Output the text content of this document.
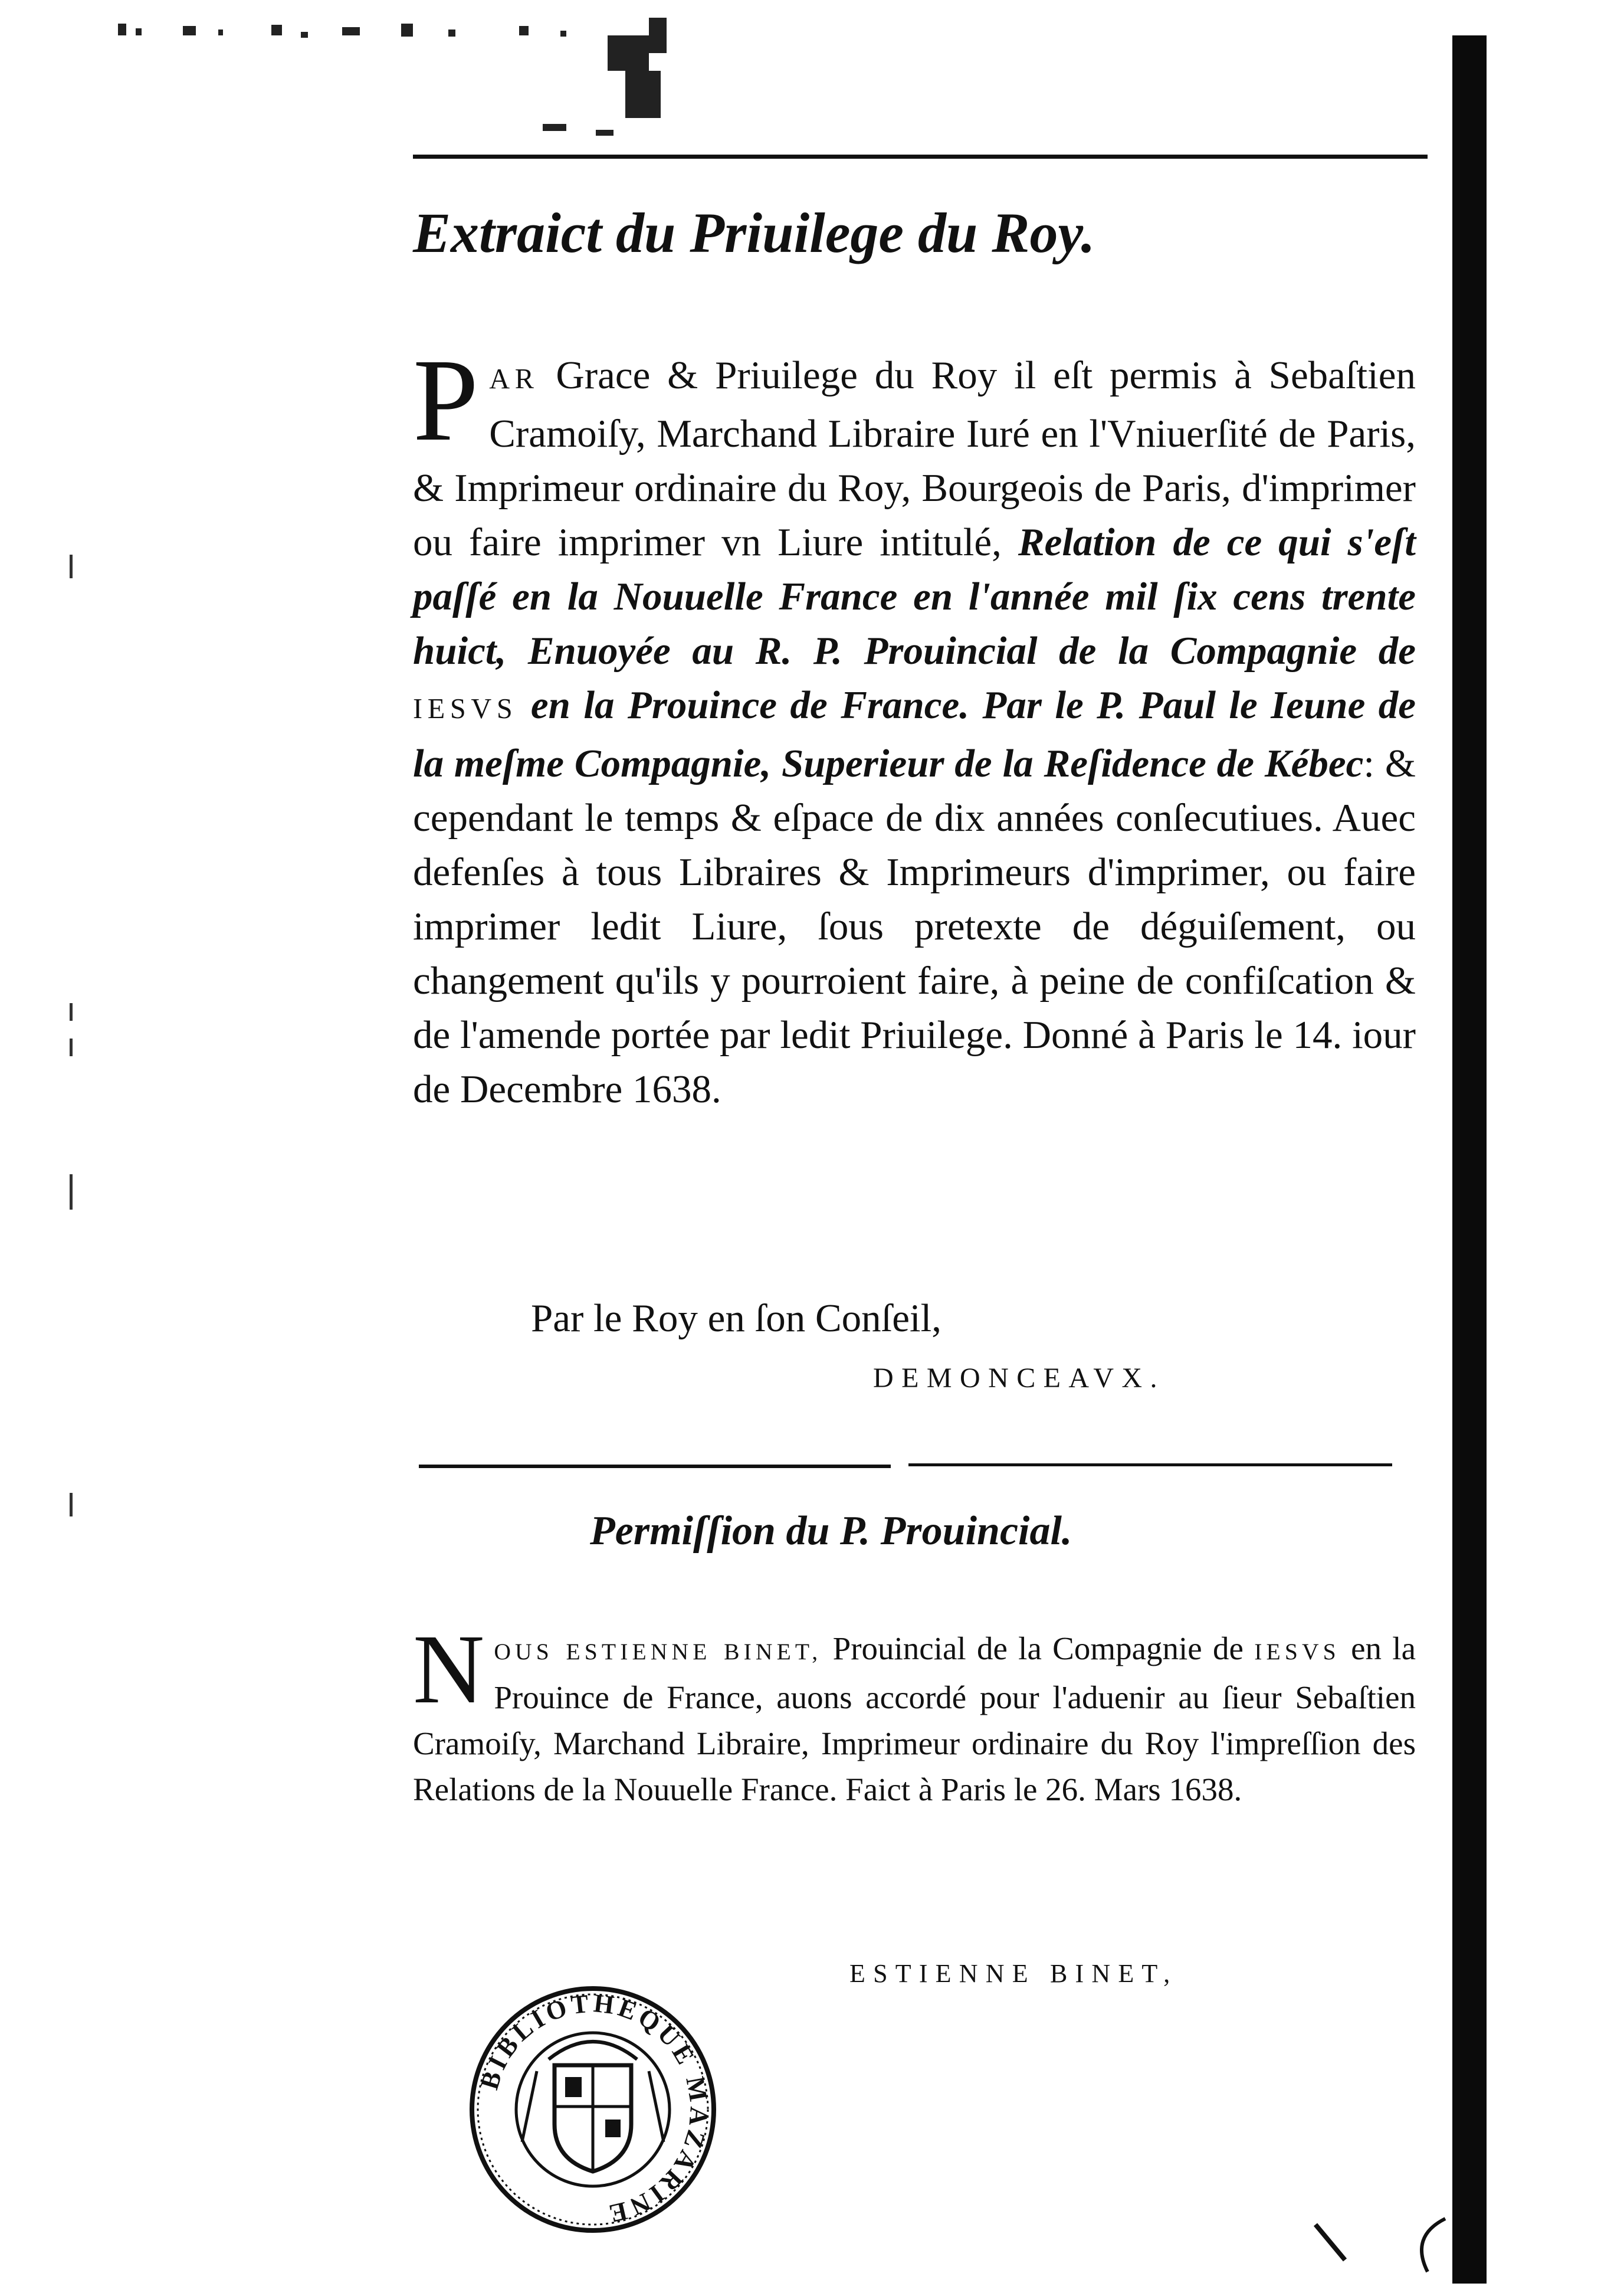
Extraict du Priuilege du Roy.

PAR Grace & Priuilege du Roy il eſt permis à Sebaſtien Cramoiſy, Marchand Libraire Iuré en l'Vniuerſité de Paris, & Imprimeur ordinaire du Roy, Bourgeois de Paris, d'imprimer ou faire imprimer vn Liure intitulé, Relation de ce qui s'eſt paſſé en la Nouuelle France en l'année mil ſix cens trente huict, Enuoyée au R. P. Prouincial de la Compagnie de IESVS en la Prouince de France. Par le P. Paul le Ieune de la meſme Compagnie, Superieur de la Reſidence de Kébec: & cependant le temps & eſpace de dix années conſecutiues. Auec defenſes à tous Libraires & Imprimeurs d'imprimer, ou faire imprimer ledit Liure, ſous pretexte de déguiſement, ou changement qu'ils y pourroient faire, à peine de confiſcation & de l'amende portée par ledit Priuilege. Donné à Paris le 14. iour de Decembre 1638.

Par le Roy en ſon Conſeil,

DEMONCEAVX.

Permiſſion du P. Prouincial.

NOUS ESTIENNE BINET, Prouincial de la Compagnie de IESVS en la Prouince de France, auons accordé pour l'aduenir au ſieur Sebaſtien Cramoiſy, Marchand Libraire, Imprimeur ordinaire du Roy l'impreſſion des Relations de la Nouuelle France. Faict à Paris le 26. Mars 1638.

ESTIENNE BINET,

BIBLIOTHEQUE MAZARINE
